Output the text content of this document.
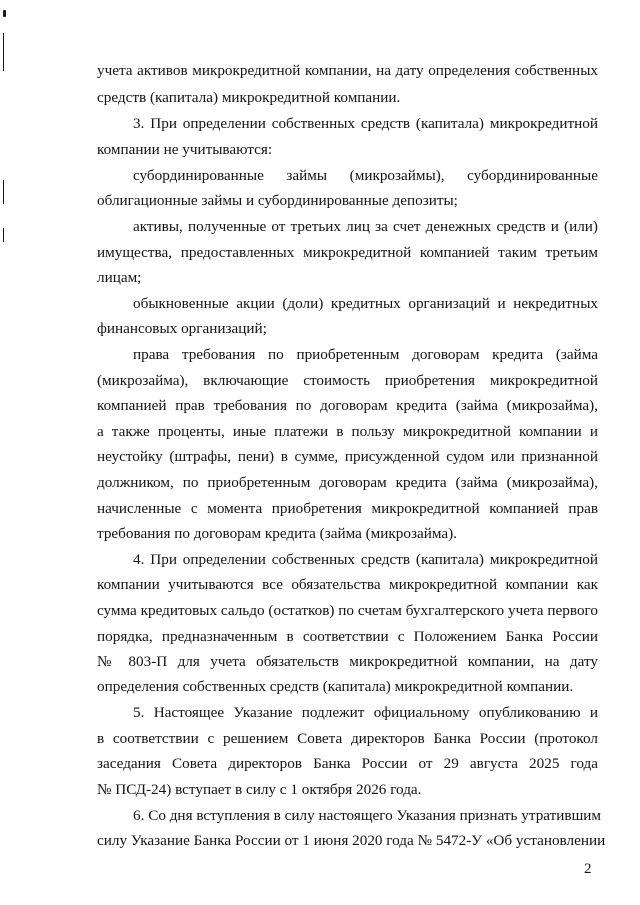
учета активов микрокредитной компании, на дату определения собственных
средств (капитала) микрокредитной компании.
3. При определении собственных средств (капитала) микрокредитной
компании не учитываются:
субординированные займы (микрозаймы), субординированные
облигационные займы и субординированные депозиты;
активы, полученные от третьих лиц за счет денежных средств и (или)
имущества, предоставленных микрокредитной компанией таким третьим
лицам;
обыкновенные акции (доли) кредитных организаций и некредитных
финансовых организаций;
права требования по приобретенным договорам кредита (займа
(микрозайма), включающие стоимость приобретения микрокредитной
компанией прав требования по договорам кредита (займа (микрозайма),
а также проценты, иные платежи в пользу микрокредитной компании и
неустойку (штрафы, пени) в сумме, присужденной судом или признанной
должником, по приобретенным договорам кредита (займа (микрозайма),
начисленные с момента приобретения микрокредитной компанией прав
требования по договорам кредита (займа (микрозайма).
4. При определении собственных средств (капитала) микрокредитной
компании учитываются все обязательства микрокредитной компании как
сумма кредитовых сальдо (остатков) по счетам бухгалтерского учета первого
порядка, предназначенным в соответствии с Положением Банка России
№ 803-П для учета обязательств микрокредитной компании, на дату
определения собственных средств (капитала) микрокредитной компании.
5. Настоящее Указание подлежит официальному опубликованию и
в соответствии с решением Совета директоров Банка России (протокол
заседания Совета директоров Банка России от 29 августа 2025 года
№ ПСД-24) вступает в силу с 1 октября 2026 года.
6. Со дня вступления в силу настоящего Указания признать утратившим
силу Указание Банка России от 1 июня 2020 года № 5472-У «Об установлении
2
